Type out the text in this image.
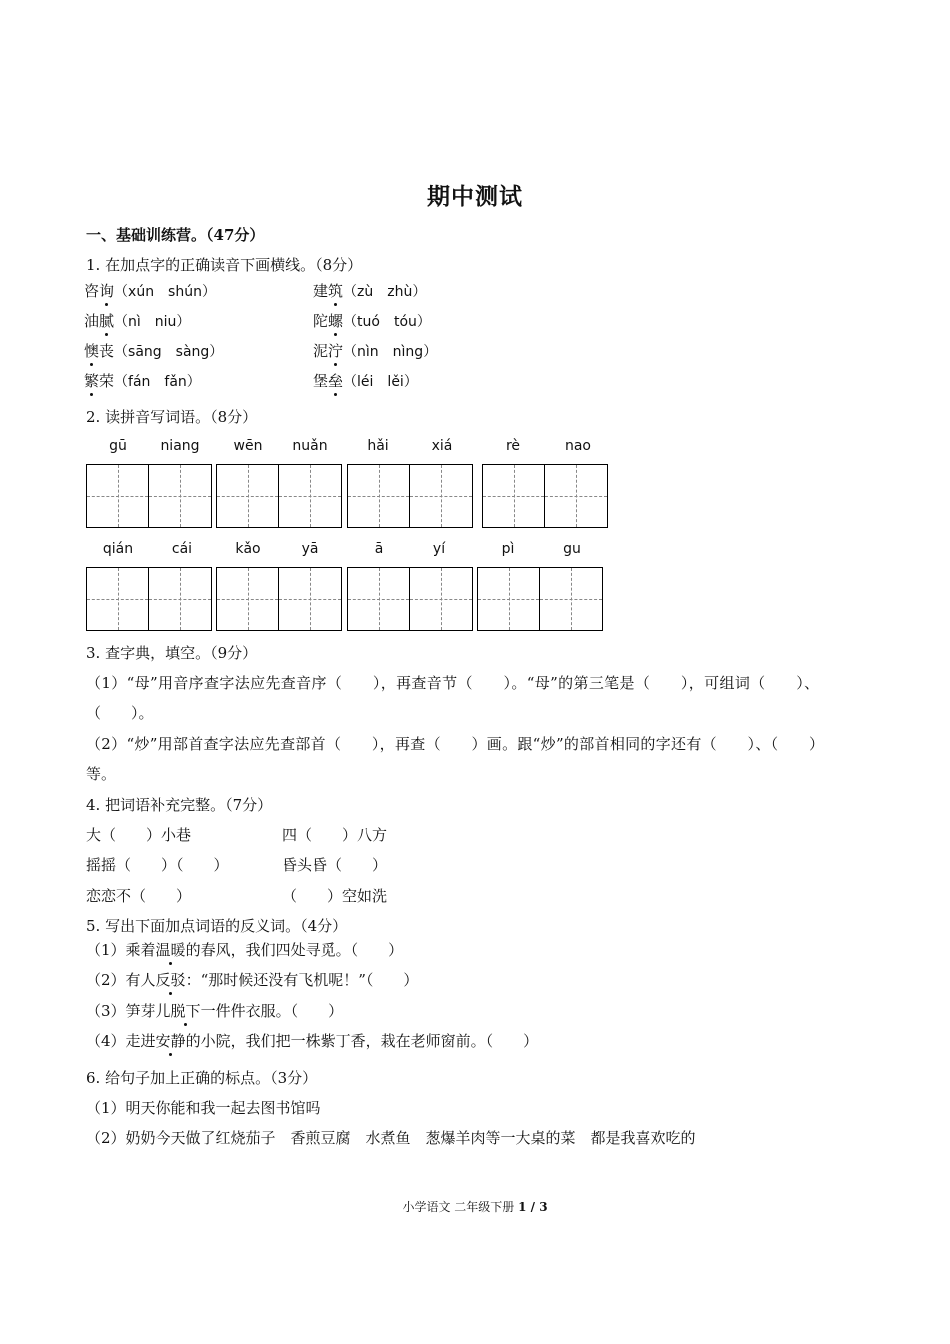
期中测试
一、基础训练营。（47分）
1. 在加点字的正确读音下画横线。（8分）
咨询（xún　shún）	建筑（zù　zhù）
油腻（nì　niu）	陀螺（tuó　tóu）
懊丧（sāng　sàng）	泥泞（nìn　nìng）
繁荣（fán　fǎn）	堡垒（léi　lěi）
2. 读拼音写词语。（8分）
gū	niang	wēn	nuǎn	hǎi	xiá	rè	nao
qián	cái	kǎo	yā	ā	yí	pì	gu
3. 查字典，填空。（9分）
（1）“母”用音序查字法应先查音序（　　），再查音节（　　）。“母”的第三笔是（　　），可组词（　　）、
（　　）。
（2）“炒”用部首查字法应先查部首（　　），再查（　　）画。跟“炒”的部首相同的字还有（　　）、（　　）
等。
4. 把词语补充完整。（7分）
大（　　）小巷	四（　　）八方
摇摇（　　）（　　）	昏头昏（　　）
恋恋不（　　）	（　　）空如洗
5. 写出下面加点词语的反义词。（4分）
（1）乘着温暖的春风，我们四处寻觅。（　　）
（2）有人反驳：“那时候还没有飞机呢！”（　　）
（3）笋芽儿脱下一件件衣服。（　　）
（4）走进安静的小院，我们把一株紫丁香，栽在老师窗前。（　　）
6. 给句子加上正确的标点。（3分）
（1）明天你能和我一起去图书馆吗
（2）奶奶今天做了红烧茄子　香煎豆腐　水煮鱼　葱爆羊肉等一大桌的菜　都是我喜欢吃的
小学语文 二年级下册 1 / 3
